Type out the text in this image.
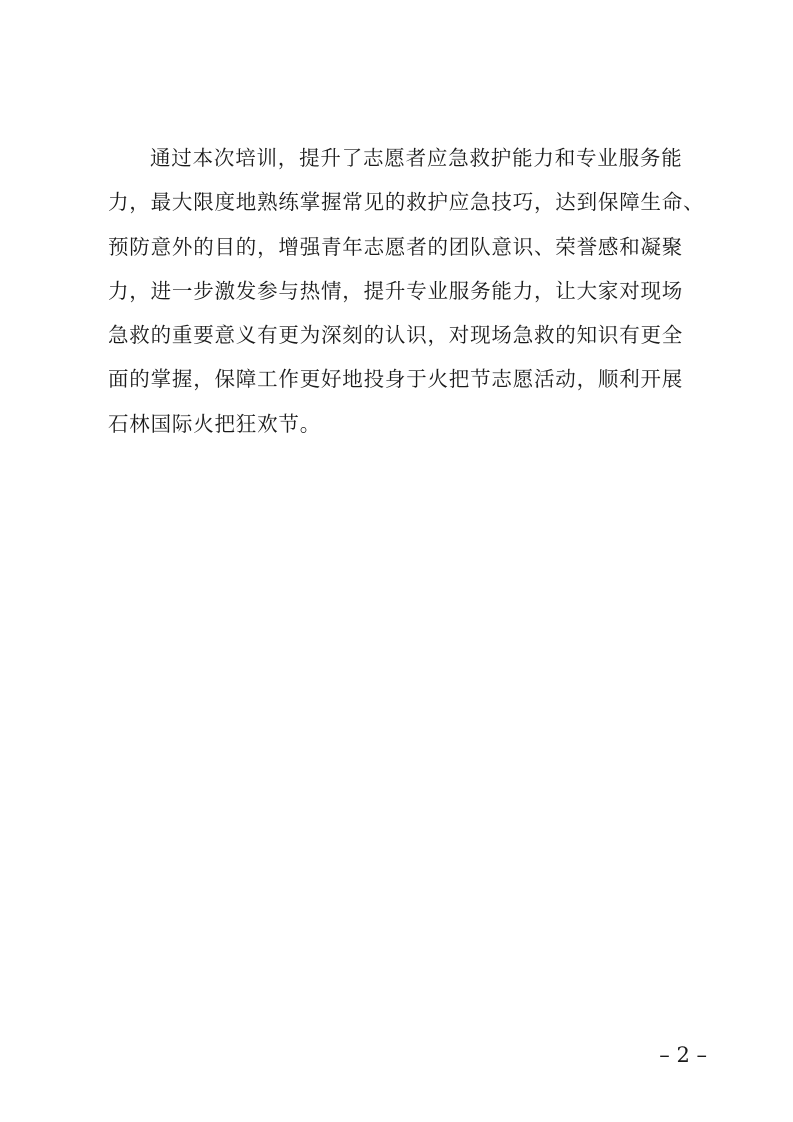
通过本次培训，提升了志愿者应急救护能力和专业服务能
力，最大限度地熟练掌握常见的救护应急技巧，达到保障生命、
预防意外的目的，增强青年志愿者的团队意识、荣誉感和凝聚
力，进一步激发参与热情，提升专业服务能力，让大家对现场
急救的重要意义有更为深刻的认识，对现场急救的知识有更全
面的掌握，保障工作更好地投身于火把节志愿活动，顺利开展
石林国际火把狂欢节。

– 2 –
